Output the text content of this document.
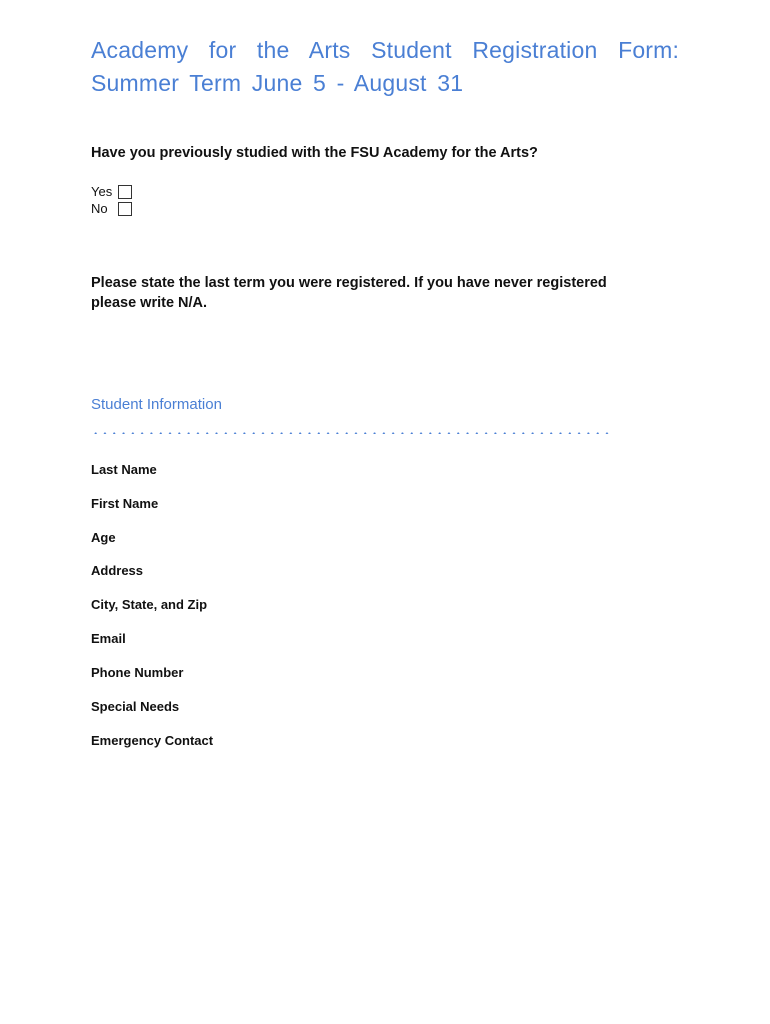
Academy for the Arts Student Registration Form:
Summer Term June 5 - August 31
Have you previously studied with the FSU Academy for the Arts?
Yes
No
Please state the last term you were registered. If you have never registered please write N/A.
Student Information
Last Name
First Name
Age
Address
City, State, and Zip
Email
Phone Number
Special Needs
Emergency Contact
